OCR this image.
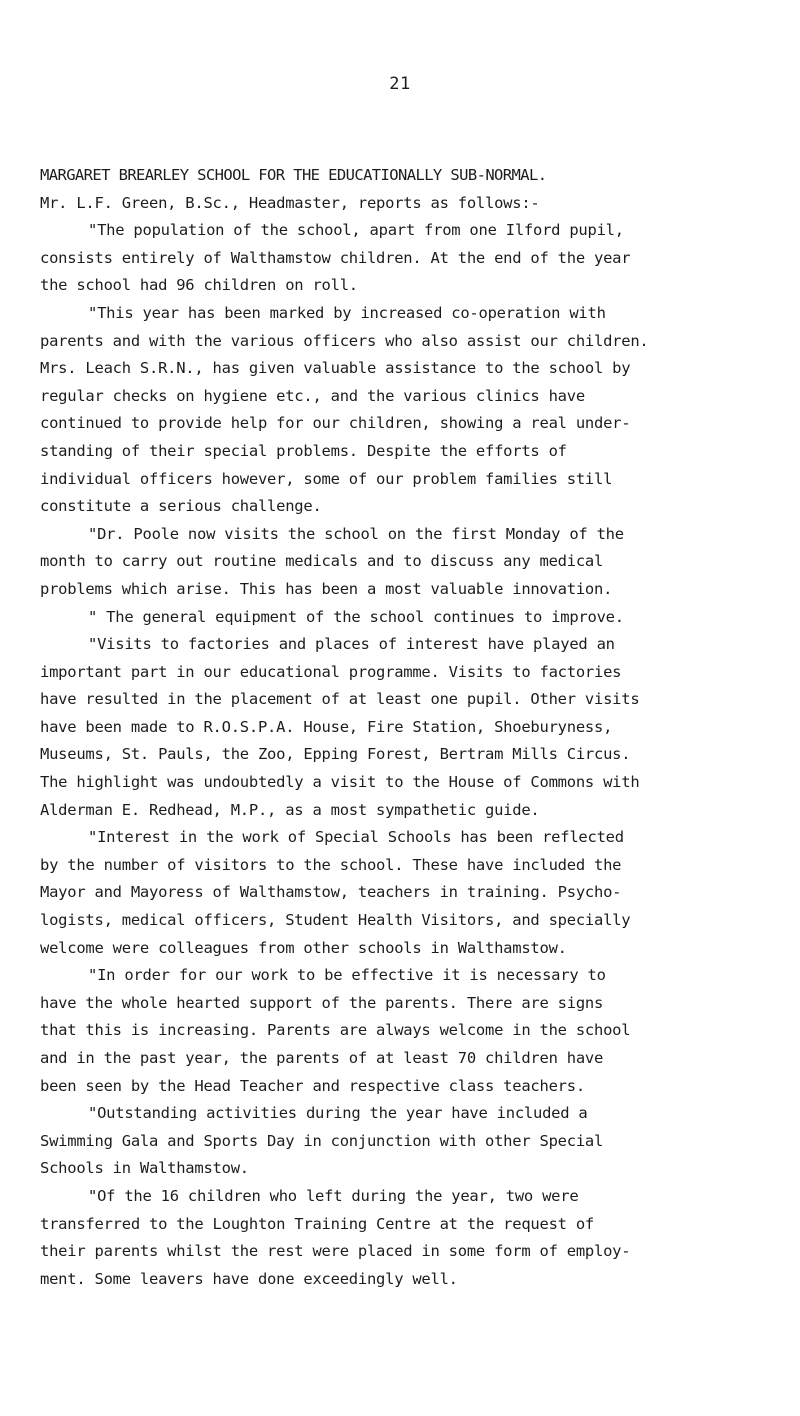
21
MARGARET BREARLEY SCHOOL FOR THE EDUCATIONALLY SUB-NORMAL.
Mr. L.F. Green, B.Sc., Headmaster, reports as follows:-
"The population of the school, apart from one Ilford pupil,
consists entirely of Walthamstow children. At the end of the year
the school had 96 children on roll.
"This year has been marked by increased co-operation with
parents and with the various officers who also assist our children.
Mrs. Leach S.R.N., has given valuable assistance to the school by
regular checks on hygiene etc., and the various clinics have
continued to provide help for our children, showing a real under-
standing of their special problems. Despite the efforts of
individual officers however, some of our problem families still
constitute a serious challenge.
"Dr. Poole now visits the school on the first Monday of the
month to carry out routine medicals and to discuss any medical
problems which arise. This has been a most valuable innovation.
" The general equipment of the school continues to improve.
"Visits to factories and places of interest have played an
important part in our educational programme. Visits to factories
have resulted in the placement of at least one pupil. Other visits
have been made to R.O.S.P.A. House, Fire Station, Shoeburyness,
Museums, St. Pauls, the Zoo, Epping Forest, Bertram Mills Circus.
The highlight was undoubtedly a visit to the House of Commons with
Alderman E. Redhead, M.P., as a most sympathetic guide.
"Interest in the work of Special Schools has been reflected
by the number of visitors to the school. These have included the
Mayor and Mayoress of Walthamstow, teachers in training. Psycho-
logists, medical officers, Student Health Visitors, and specially
welcome were colleagues from other schools in Walthamstow.
"In order for our work to be effective it is necessary to
have the whole hearted support of the parents. There are signs
that this is increasing. Parents are always welcome in the school
and in the past year, the parents of at least 70 children have
been seen by the Head Teacher and respective class teachers.
"Outstanding activities during the year have included a
Swimming Gala and Sports Day in conjunction with other Special
Schools in Walthamstow.
"Of the 16 children who left during the year, two were
transferred to the Loughton Training Centre at the request of
their parents whilst the rest were placed in some form of employ-
ment. Some leavers have done exceedingly well.
